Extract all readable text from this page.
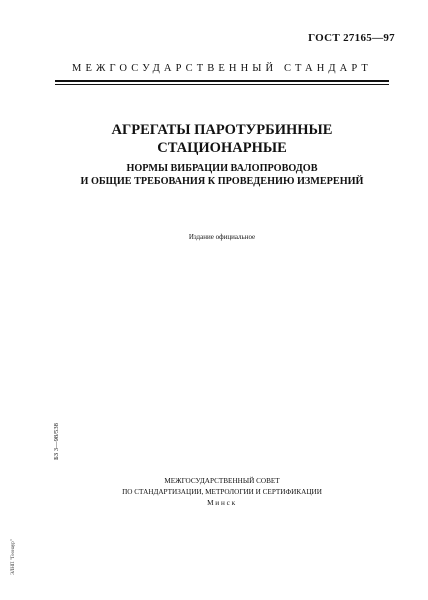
ГОСТ 27165—97
МЕЖГОСУДАРСТВЕННЫЙ СТАНДАРТ
АГРЕГАТЫ ПАРОТУРБИННЫЕ
СТАЦИОНАРНЫЕ
НОРМЫ ВИБРАЦИИ ВАЛОПРОВОДОВ
И ОБЩИЕ ТРЕБОВАНИЯ К ПРОВЕДЕНИЮ ИЗМЕРЕНИЙ
Издание официальное
БЗ 3—98/538
МЕЖГОСУДАРСТВЕННЫЙ СОВЕТ
ПО СТАНДАРТИЗАЦИИ, МЕТРОЛОГИИ И СЕРТИФИКАЦИИ
Минск
ЭЛНП "Геонаур"
